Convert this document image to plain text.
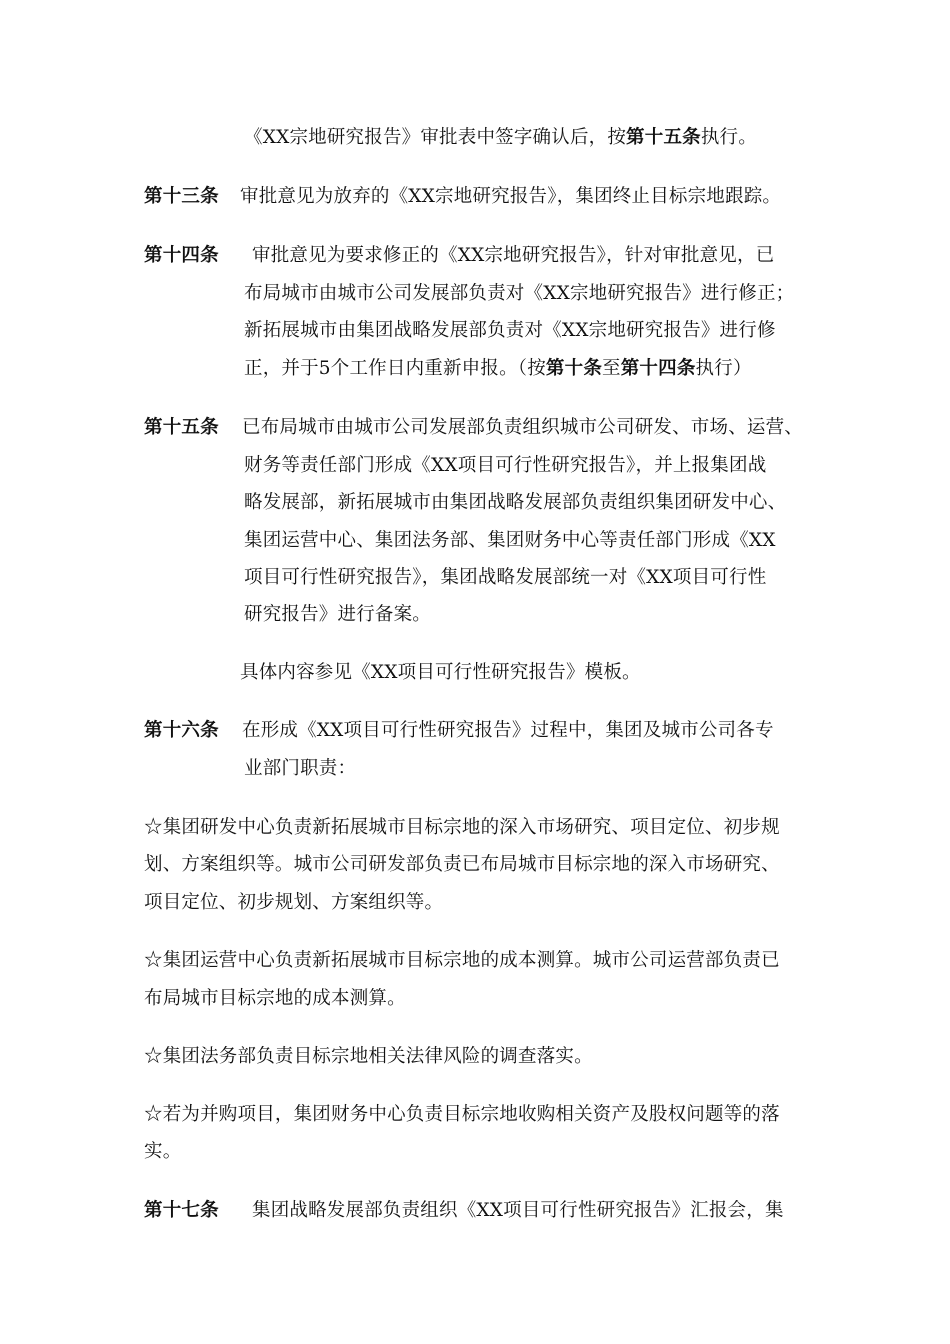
《XX宗地研究报告》审批表中签字确认后，按第十五条执行。
第十三条 审批意见为放弃的《XX宗地研究报告》，集团终止目标宗地跟踪。
第十四条 审批意见为要求修正的《XX宗地研究报告》，针对审批意见，已
布局城市由城市公司发展部负责对《XX宗地研究报告》进行修正；
新拓展城市由集团战略发展部负责对《XX宗地研究报告》进行修
正，并于5个工作日内重新申报。（按第十条至第十四条执行）
第十五条 已布局城市由城市公司发展部负责组织城市公司研发、市场、运营、
财务等责任部门形成《XX项目可行性研究报告》，并上报集团战
略发展部，新拓展城市由集团战略发展部负责组织集团研发中心、
集团运营中心、集团法务部、集团财务中心等责任部门形成《XX
项目可行性研究报告》，集团战略发展部统一对《XX项目可行性
研究报告》进行备案。
具体内容参见《XX项目可行性研究报告》模板。
第十六条 在形成《XX项目可行性研究报告》过程中，集团及城市公司各专
业部门职责：
☆集团研发中心负责新拓展城市目标宗地的深入市场研究、项目定位、初步规
划、方案组织等。城市公司研发部负责已布局城市目标宗地的深入市场研究、
项目定位、初步规划、方案组织等。
☆集团运营中心负责新拓展城市目标宗地的成本测算。城市公司运营部负责已
布局城市目标宗地的成本测算。
☆集团法务部负责目标宗地相关法律风险的调查落实。
☆若为并购项目，集团财务中心负责目标宗地收购相关资产及股权问题等的落
实。
第十七条 集团战略发展部负责组织《XX项目可行性研究报告》汇报会，集
